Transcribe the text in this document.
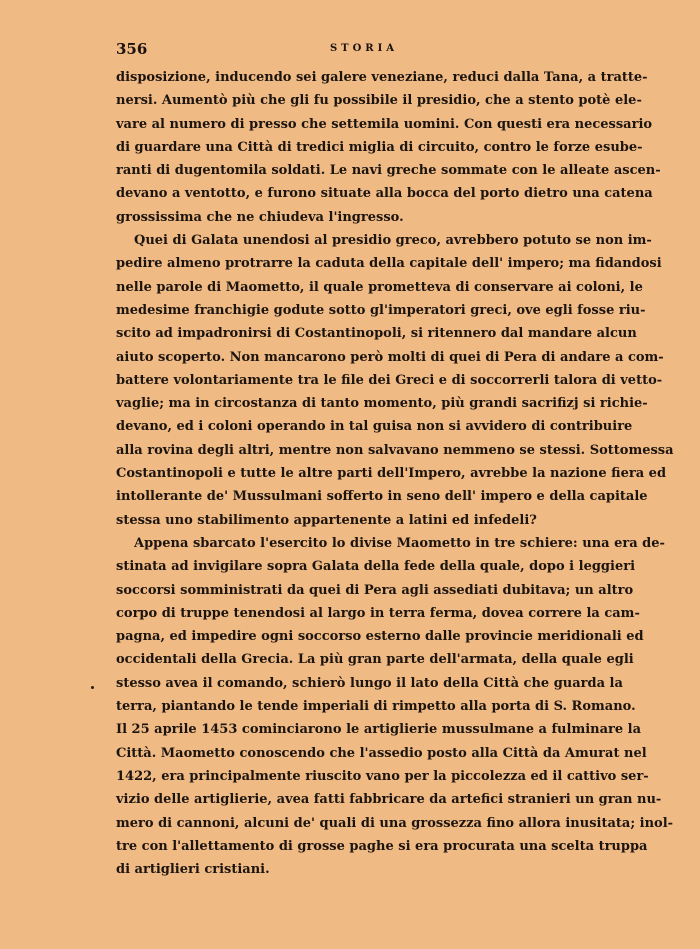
356	STORIA

disposizione, inducendo sei galere veneziane, reduci dalla Tana, a tratte-
nersi. Aumentò più che gli fu possibile il presidio, che a stento potè ele-
vare al numero di presso che settemila uomini. Con questi era necessario
di guardare una Città di tredici miglia di circuito, contro le forze esube-
ranti di dugentomila soldati. Le navi greche sommate con le alleate ascen-
devano a ventotto, e furono situate alla bocca del porto dietro una catena
grossissima che ne chiudeva l'ingresso.

Quei di Galata unendosi al presidio greco, avrebbero potuto se non im-
pedire almeno protrarre la caduta della capitale dell' impero; ma fidandosi
nelle parole di Maometto, il quale prometteva di conservare ai coloni, le
medesime franchigie godute sotto gl'imperatori greci, ove egli fosse riu-
scito ad impadronirsi di Costantinopoli, si ritennero dal mandare alcun
aiuto scoperto. Non mancarono però molti di quei di Pera di andare a com-
battere volontariamente tra le file dei Greci e di soccorrerli talora di vetto-
vaglie; ma in circostanza di tanto momento, più grandi sacrifizj si richie-
devano, ed i coloni operando in tal guisa non si avvidero di contribuire
alla rovina degli altri, mentre non salvavano nemmeno se stessi. Sottomessa
Costantinopoli e tutte le altre parti dell'Impero, avrebbe la nazione fiera ed
intollerante de' Mussulmani sofferto in seno dell' impero e della capitale
stessa uno stabilimento appartenente a latini ed infedeli?

Appena sbarcato l'esercito lo divise Maometto in tre schiere: una era de-
stinata ad invigilare sopra Galata della fede della quale, dopo i leggieri
soccorsi somministrati da quei di Pera agli assediati dubitava; un altro
corpo di truppe tenendosi al largo in terra ferma, dovea correre la cam-
pagna, ed impedire ogni soccorso esterno dalle provincie meridionali ed
occidentali della Grecia. La più gran parte dell'armata, della quale egli
stesso avea il comando, schierò lungo il lato della Città che guarda la
terra, piantando le tende imperiali di rimpetto alla porta di S. Romano.
Il 25 aprile 1453 cominciarono le artiglierie mussulmane a fulminare la
Città. Maometto conoscendo che l'assedio posto alla Città da Amurat nel
1422, era principalmente riuscito vano per la piccolezza ed il cattivo ser-
vizio delle artiglierie, avea fatti fabbricare da artefici stranieri un gran nu-
mero di cannoni, alcuni de' quali di una grossezza fino allora inusitata; inol-
tre con l'allettamento di grosse paghe si era procurata una scelta truppa
di artiglieri cristiani.
